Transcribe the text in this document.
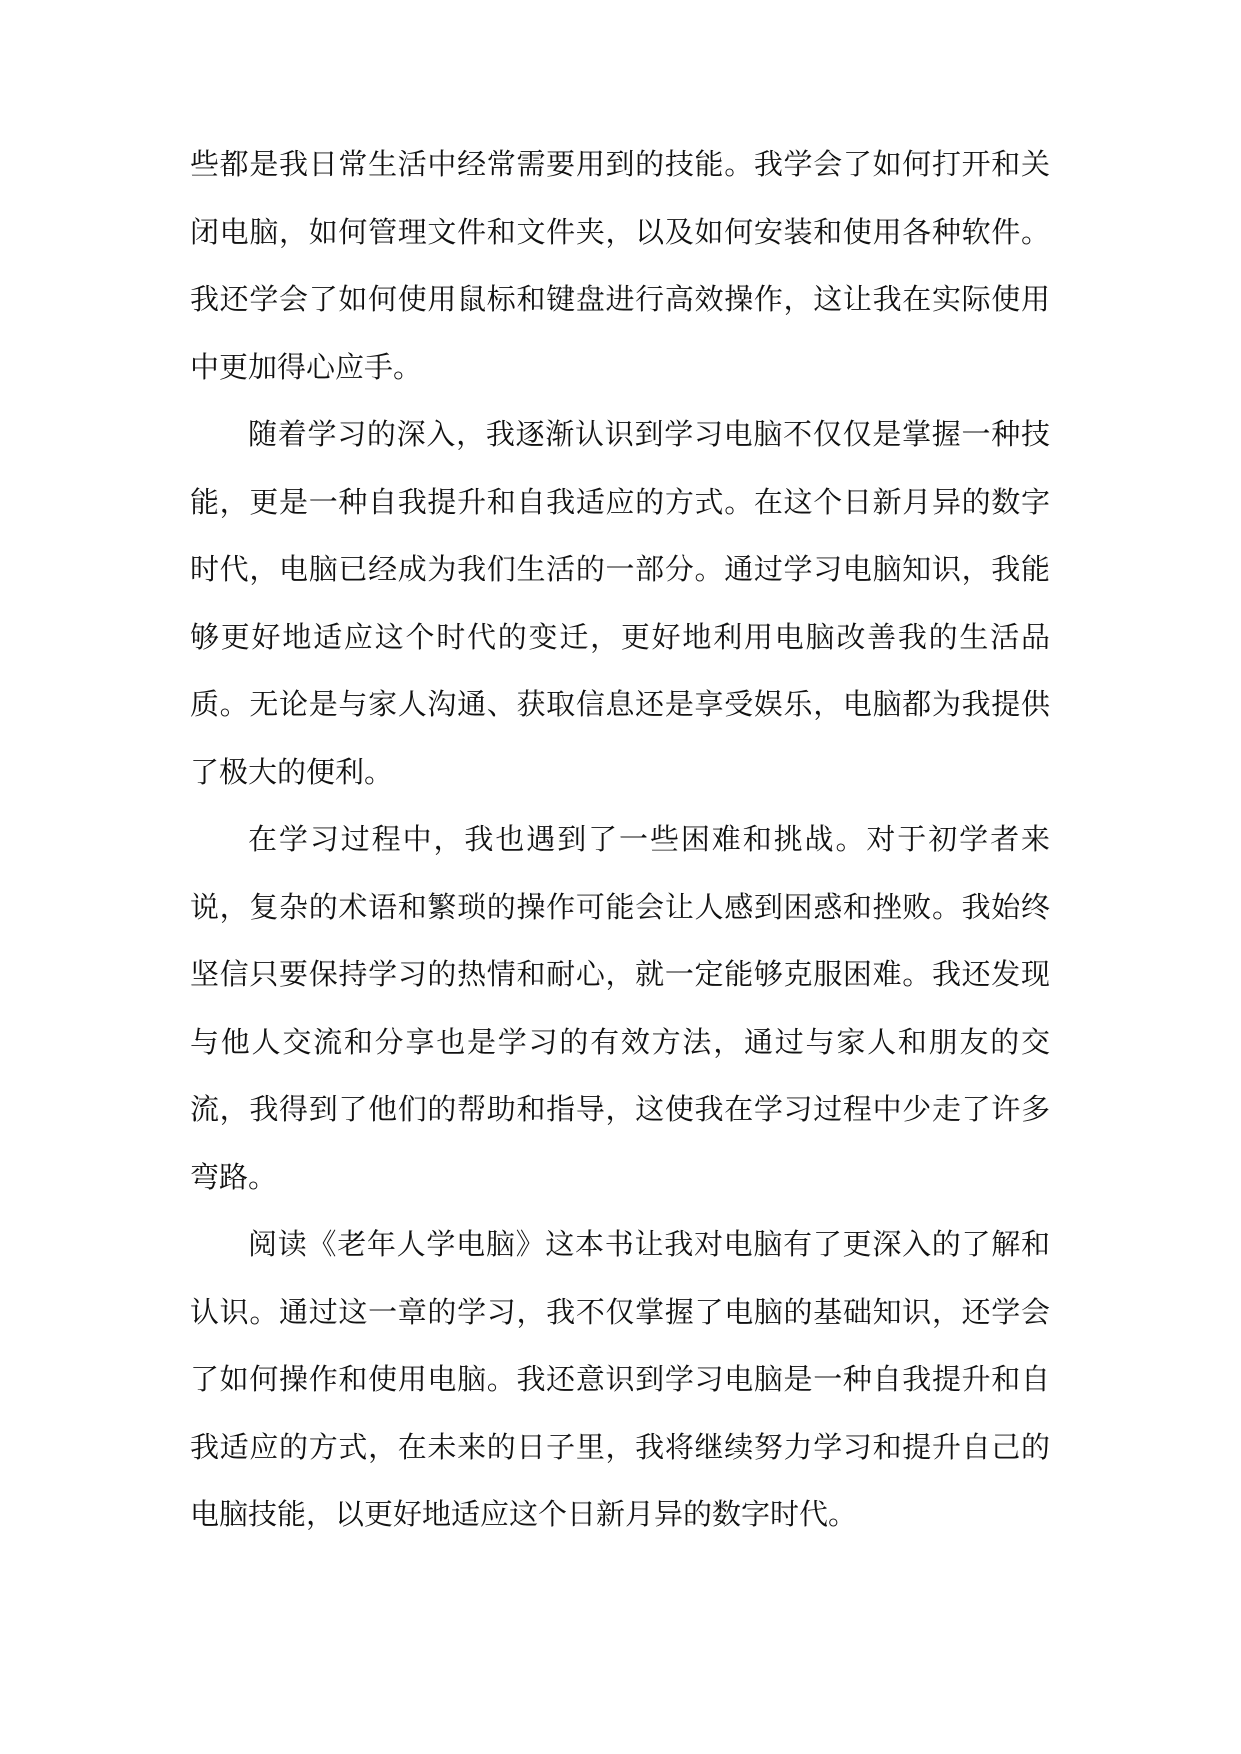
些都是我日常生活中经常需要用到的技能。我学会了如何打开和关闭电脑，如何管理文件和文件夹，以及如何安装和使用各种软件。我还学会了如何使用鼠标和键盘进行高效操作，这让我在实际使用中更加得心应手。

随着学习的深入，我逐渐认识到学习电脑不仅仅是掌握一种技能，更是一种自我提升和自我适应的方式。在这个日新月异的数字时代，电脑已经成为我们生活的一部分。通过学习电脑知识，我能够更好地适应这个时代的变迁，更好地利用电脑改善我的生活品质。无论是与家人沟通、获取信息还是享受娱乐，电脑都为我提供了极大的便利。

在学习过程中，我也遇到了一些困难和挑战。对于初学者来说，复杂的术语和繁琐的操作可能会让人感到困惑和挫败。我始终坚信只要保持学习的热情和耐心，就一定能够克服困难。我还发现与他人交流和分享也是学习的有效方法，通过与家人和朋友的交流，我得到了他们的帮助和指导，这使我在学习过程中少走了许多弯路。

阅读《老年人学电脑》这本书让我对电脑有了更深入的了解和认识。通过这一章的学习，我不仅掌握了电脑的基础知识，还学会了如何操作和使用电脑。我还意识到学习电脑是一种自我提升和自我适应的方式，在未来的日子里，我将继续努力学习和提升自己的电脑技能，以更好地适应这个日新月异的数字时代。
